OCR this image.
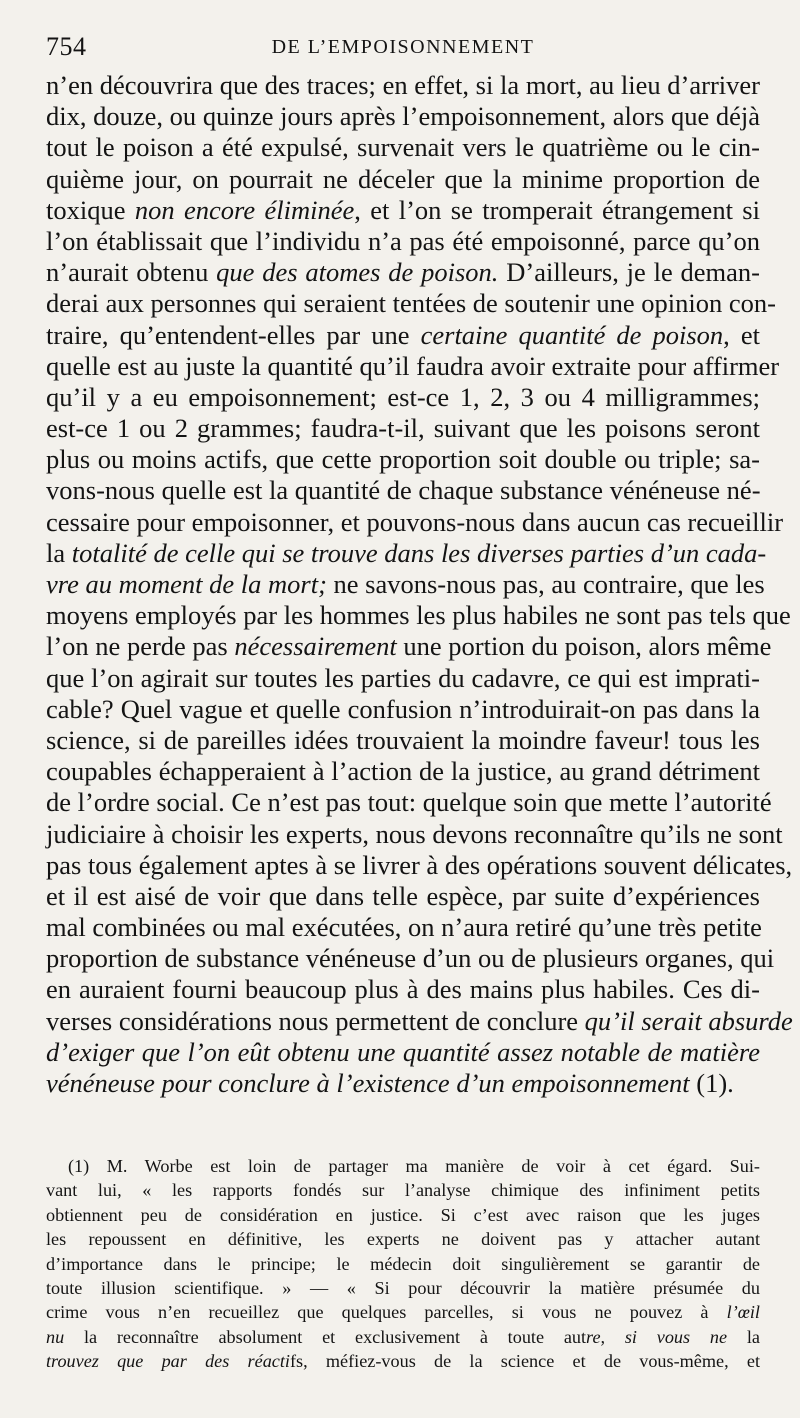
754	DE L’EMPOISONNEMENT
n’en découvrira que des traces; en effet, si la mort, au lieu d’arriver
dix, douze, ou quinze jours après l’empoisonnement, alors que déjà
tout le poison a été expulsé, survenait vers le quatrième ou le cin-
quième jour, on pourrait ne déceler que la minime proportion de
toxique non encore éliminée, et l’on se tromperait étrangement si
l’on établissait que l’individu n’a pas été empoisonné, parce qu’on
n’aurait obtenu que des atomes de poison. D’ailleurs, je le deman-
derai aux personnes qui seraient tentées de soutenir une opinion con-
traire, qu’entendent-elles par une certaine quantité de poison, et
quelle est au juste la quantité qu’il faudra avoir extraite pour affirmer
qu’il y a eu empoisonnement; est-ce 1, 2, 3 ou 4 milligrammes;
est-ce 1 ou 2 grammes; faudra-t-il, suivant que les poisons seront
plus ou moins actifs, que cette proportion soit double ou triple; sa-
vons-nous quelle est la quantité de chaque substance vénéneuse né-
cessaire pour empoisonner, et pouvons-nous dans aucun cas recueillir
la totalité de celle qui se trouve dans les diverses parties d’un cada-
vre au moment de la mort; ne savons-nous pas, au contraire, que les
moyens employés par les hommes les plus habiles ne sont pas tels que
l’on ne perde pas nécessairement une portion du poison, alors même
que l’on agirait sur toutes les parties du cadavre, ce qui est imprati-
cable? Quel vague et quelle confusion n’introduirait-on pas dans la
science, si de pareilles idées trouvaient la moindre faveur! tous les
coupables échapperaient à l’action de la justice, au grand détriment
de l’ordre social. Ce n’est pas tout: quelque soin que mette l’autorité
judiciaire à choisir les experts, nous devons reconnaître qu’ils ne sont
pas tous également aptes à se livrer à des opérations souvent délicates,
et il est aisé de voir que dans telle espèce, par suite d’expériences
mal combinées ou mal exécutées, on n’aura retiré qu’une très petite
proportion de substance vénéneuse d’un ou de plusieurs organes, qui
en auraient fourni beaucoup plus à des mains plus habiles. Ces di-
verses considérations nous permettent de conclure qu’il serait absurde
d’exiger que l’on eût obtenu une quantité assez notable de matière
vénéneuse pour conclure à l’existence d’un empoisonnement (1).
(1) M. Worbe est loin de partager ma manière de voir à cet égard. Sui-
vant lui, « les rapports fondés sur l’analyse chimique des infiniment petits
obtiennent peu de considération en justice. Si c’est avec raison que les juges
les repoussent en définitive, les experts ne doivent pas y attacher autant
d’importance dans le principe; le médecin doit singulièrement se garantir de
toute illusion scientifique. » — « Si pour découvrir la matière présumée du
crime vous n’en recueillez que quelques parcelles, si vous ne pouvez à l’œil
nu la reconnaître absolument et exclusivement à toute autre, si vous ne la
trouvez que par des réactifs, méfiez-vous de la science et de vous-même, et
